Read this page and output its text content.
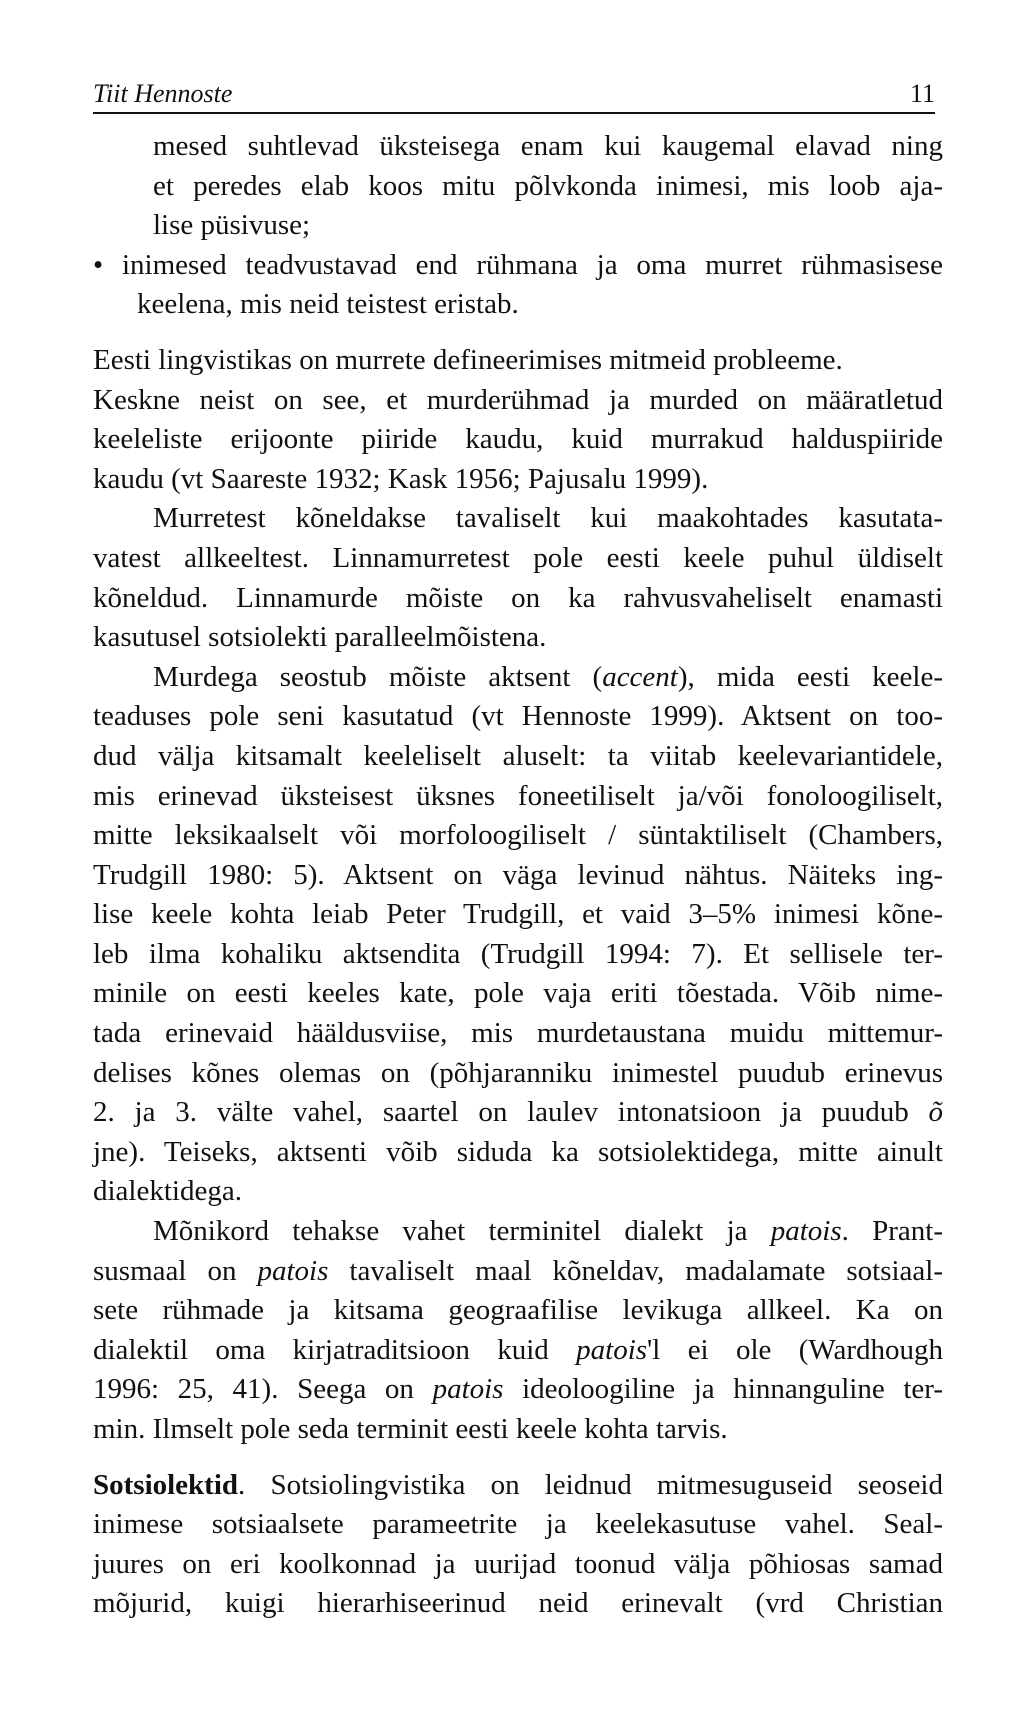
Tiit Hennoste	11
mesed suhtlevad üksteisega enam kui kaugemal elavad ning
et peredes elab koos mitu põlvkonda inimesi, mis loob aja-
lise püsivuse;
• inimesed teadvustavad end rühmana ja oma murret rühmasisese
keelena, mis neid teistest eristab.
Eesti lingvistikas on murrete defineerimises mitmeid probleeme.
Keskne neist on see, et murderühmad ja murded on määratletud
keeleliste erijoonte piiride kaudu, kuid murrakud halduspiiride
kaudu (vt Saareste 1932; Kask 1956; Pajusalu 1999).
Murretest kõneldakse tavaliselt kui maakohtades kasutata-
vatest allkeeltest. Linnamurretest pole eesti keele puhul üldiselt
kõneldud. Linnamurde mõiste on ka rahvusvaheliselt enamasti
kasutusel sotsiolekti paralleelmõistena.
Murdega seostub mõiste aktsent (accent), mida eesti keele-
teaduses pole seni kasutatud (vt Hennoste 1999). Aktsent on too-
dud välja kitsamalt keeleliselt aluselt: ta viitab keelevariantidele,
mis erinevad üksteisest üksnes foneetiliselt ja/või fonoloogiliselt,
mitte leksikaalselt või morfoloogiliselt / süntaktiliselt (Chambers,
Trudgill 1980: 5). Aktsent on väga levinud nähtus. Näiteks ing-
lise keele kohta leiab Peter Trudgill, et vaid 3–5% inimesi kõne-
leb ilma kohaliku aktsendita (Trudgill 1994: 7). Et sellisele ter-
minile on eesti keeles kate, pole vaja eriti tõestada. Võib nime-
tada erinevaid hääldusviise, mis murdetaustana muidu mittemur-
delises kõnes olemas on (põhjaranniku inimestel puudub erinevus
2. ja 3. välte vahel, saartel on laulev intonatsioon ja puudub õ
jne). Teiseks, aktsenti võib siduda ka sotsiolektidega, mitte ainult
dialektidega.
Mõnikord tehakse vahet terminitel dialekt ja patois. Prant-
susmaal on patois tavaliselt maal kõneldav, madalamate sotsiaal-
sete rühmade ja kitsama geograafilise levikuga allkeel. Ka on
dialektil oma kirjatraditsioon kuid patois'l ei ole (Wardhough
1996: 25, 41). Seega on patois ideoloogiline ja hinnanguline ter-
min. Ilmselt pole seda terminit eesti keele kohta tarvis.
Sotsiolektid. Sotsiolingvistika on leidnud mitmesuguseid seoseid
inimese sotsiaalsete parameetrite ja keelekasutuse vahel. Seal-
juures on eri koolkonnad ja uurijad toonud välja põhiosas samad
mõjurid, kuigi hierarhiseerinud neid erinevalt (vrd Christian
